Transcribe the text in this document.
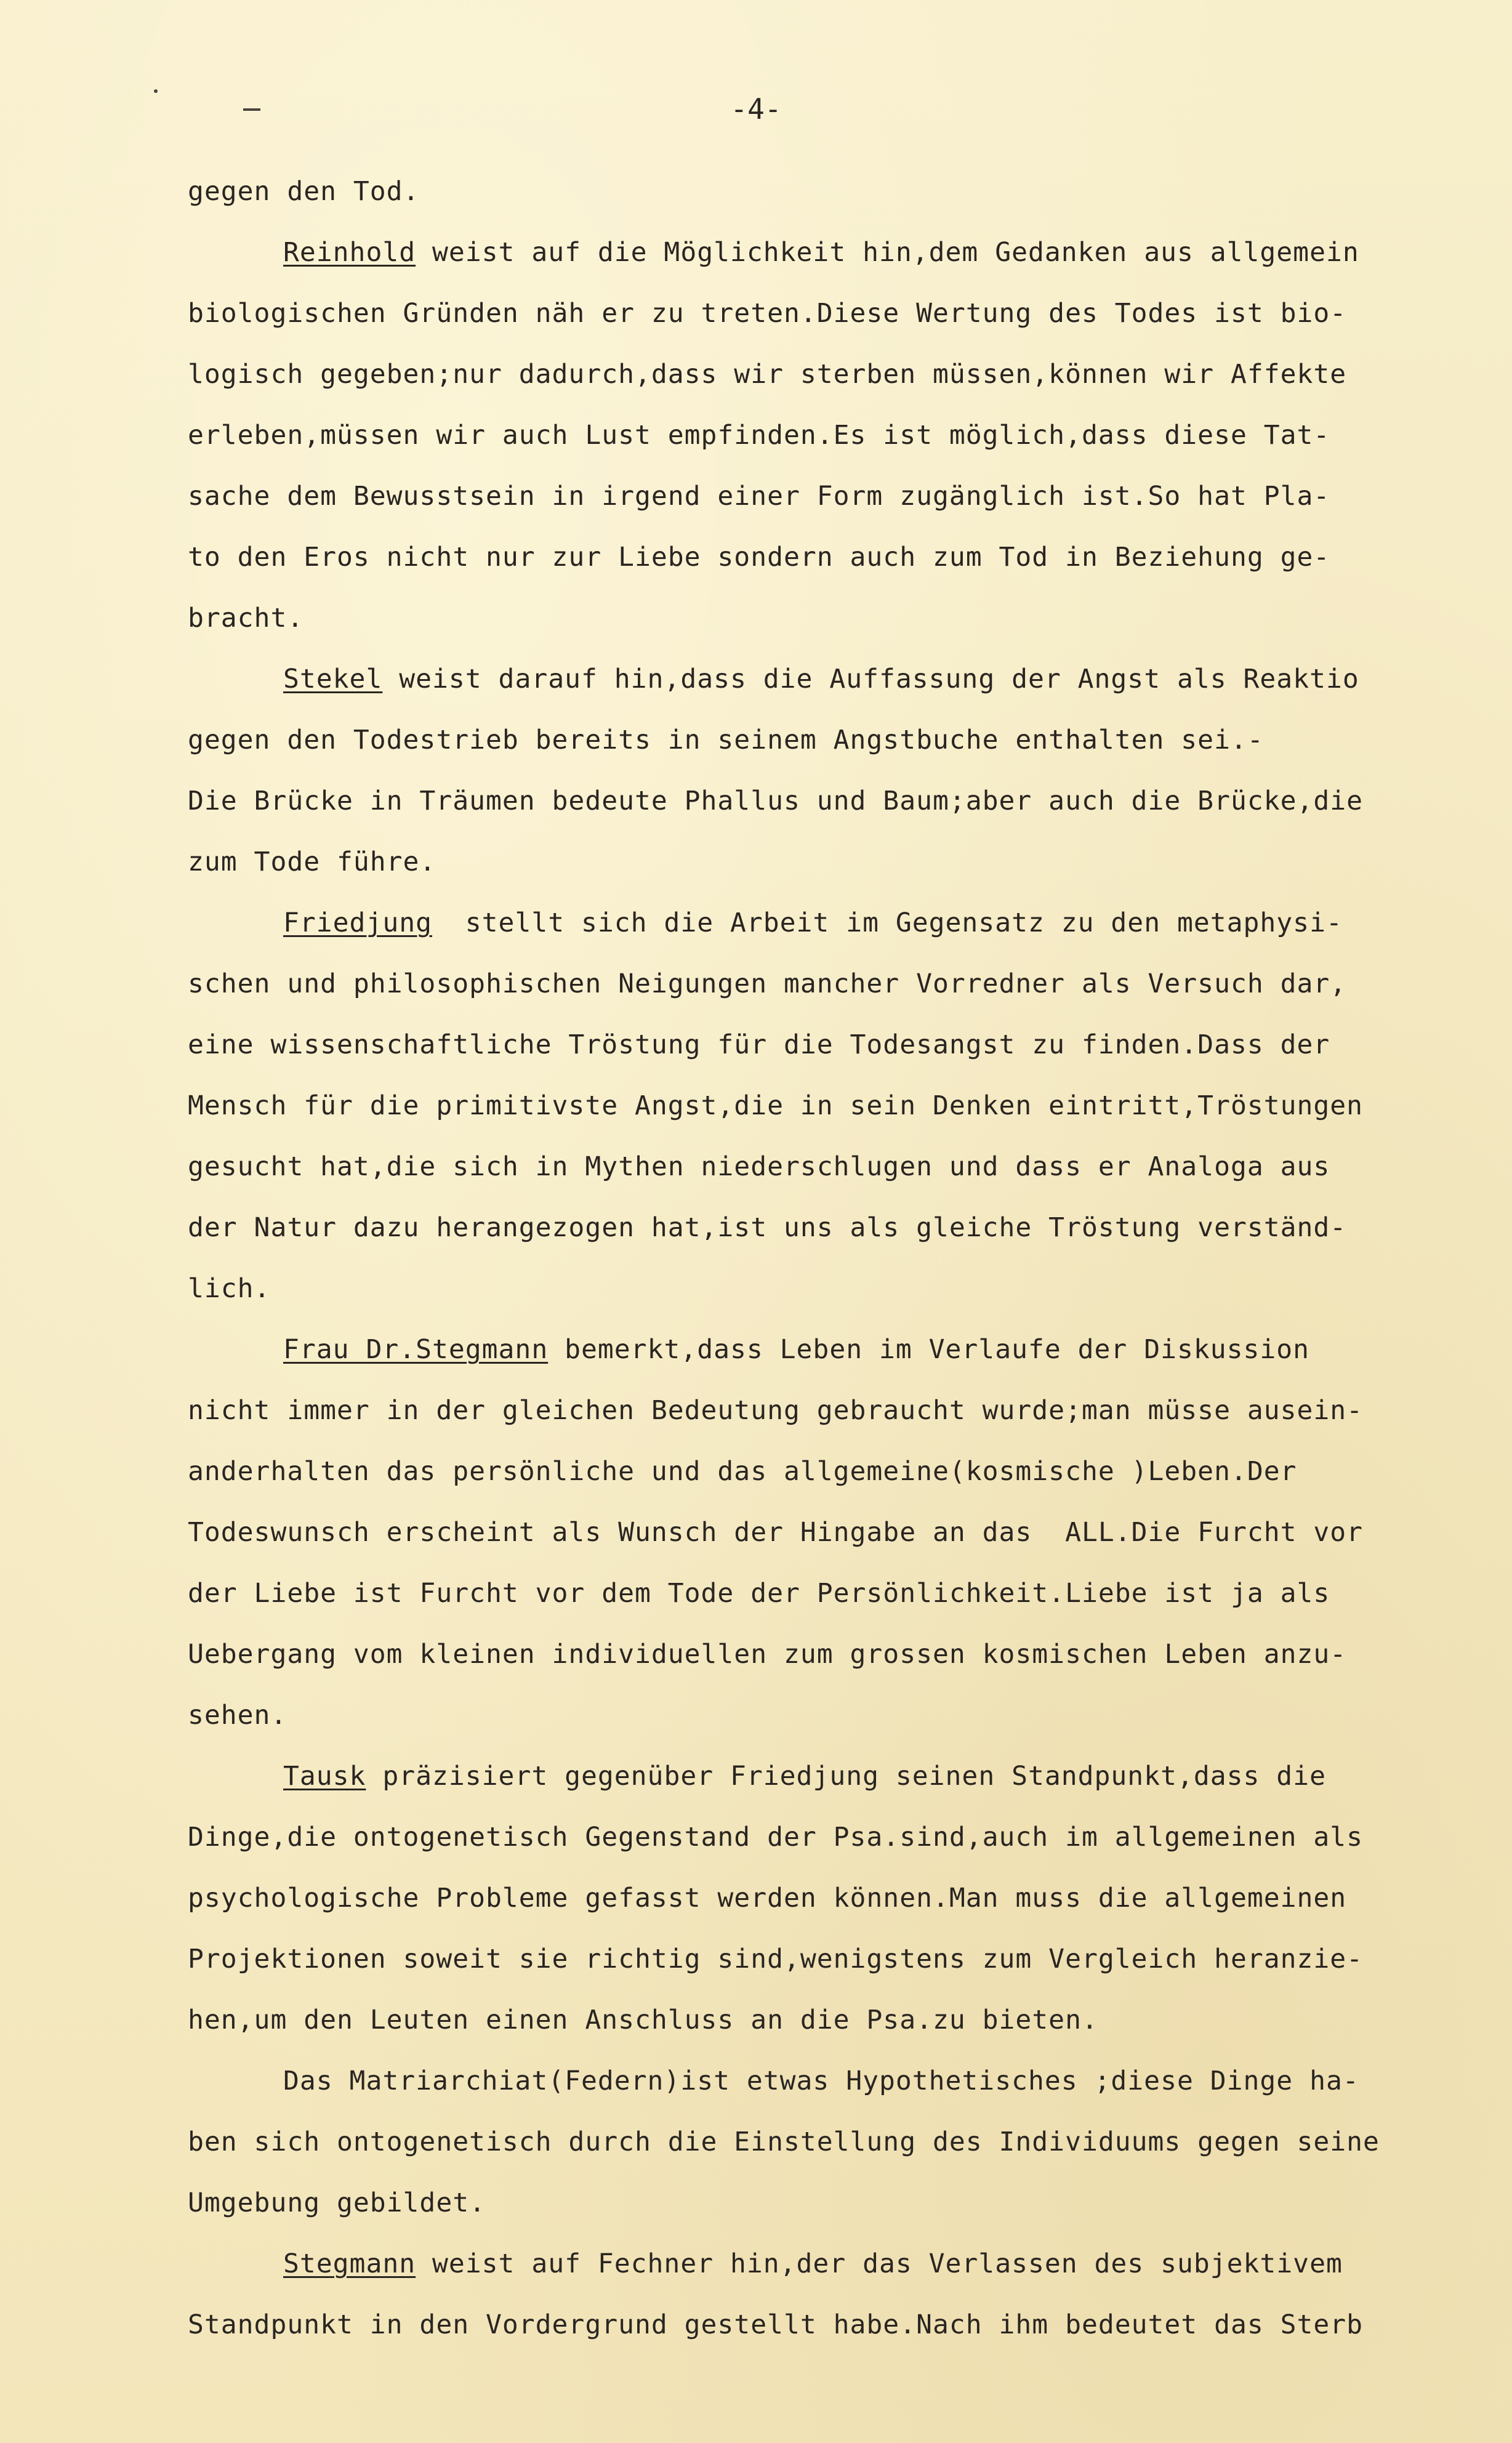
-4-
gegen den Tod.
Reinhold weist auf die Möglichkeit hin,dem Gedanken aus allgemein
biologischen Gründen näh er zu treten.Diese Wertung des Todes ist bio-
logisch gegeben;nur dadurch,dass wir sterben müssen,können wir Affekte
erleben,müssen wir auch Lust empfinden.Es ist möglich,dass diese Tat-
sache dem Bewusstsein in irgend einer Form zugänglich ist.So hat Pla-
to den Eros nicht nur zur Liebe sondern auch zum Tod in Beziehung ge-
bracht.
Stekel weist darauf hin,dass die Auffassung der Angst als Reaktio
gegen den Todestrieb bereits in seinem Angstbuche enthalten sei.-
Die Brücke in Träumen bedeute Phallus und Baum;aber auch die Brücke,die
zum Tode führe.
Friedjung  stellt sich die Arbeit im Gegensatz zu den metaphysi-
schen und philosophischen Neigungen mancher Vorredner als Versuch dar,
eine wissenschaftliche Tröstung für die Todesangst zu finden.Dass der
Mensch für die primitivste Angst,die in sein Denken eintritt,Tröstungen
gesucht hat,die sich in Mythen niederschlugen und dass er Analoga aus
der Natur dazu herangezogen hat,ist uns als gleiche Tröstung verständ-
lich.
Frau Dr.Stegmann bemerkt,dass Leben im Verlaufe der Diskussion
nicht immer in der gleichen Bedeutung gebraucht wurde;man müsse ausein-
anderhalten das persönliche und das allgemeine(kosmische )Leben.Der
Todeswunsch erscheint als Wunsch der Hingabe an das  ALL.Die Furcht vor
der Liebe ist Furcht vor dem Tode der Persönlichkeit.Liebe ist ja als
Uebergang vom kleinen individuellen zum grossen kosmischen Leben anzu-
sehen.
Tausk präzisiert gegenüber Friedjung seinen Standpunkt,dass die
Dinge,die ontogenetisch Gegenstand der Psa.sind,auch im allgemeinen als
psychologische Probleme gefasst werden können.Man muss die allgemeinen
Projektionen soweit sie richtig sind,wenigstens zum Vergleich heranzie-
hen,um den Leuten einen Anschluss an die Psa.zu bieten.
Das Matriarchiat(Federn)ist etwas Hypothetisches ;diese Dinge ha-
ben sich ontogenetisch durch die Einstellung des Individuums gegen seine
Umgebung gebildet.
Stegmann weist auf Fechner hin,der das Verlassen des subjektivem
Standpunkt in den Vordergrund gestellt habe.Nach ihm bedeutet das Sterb
